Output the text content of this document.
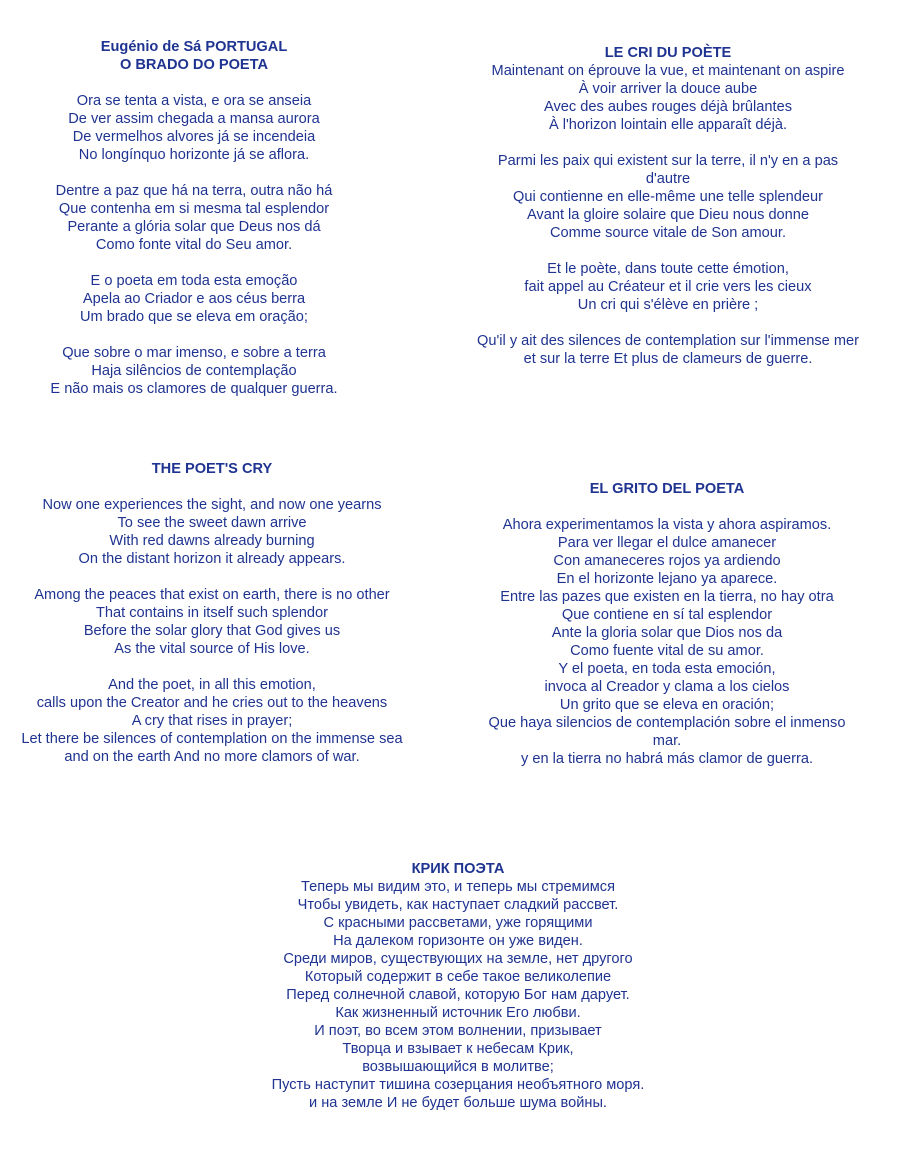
Eugénio de Sá PORTUGAL
O BRADO DO POETA
Ora se tenta a vista, e ora se anseia
De ver assim chegada a mansa aurora
De vermelhos alvores já se incendeia
No longínquo horizonte já se aflora.
Dentre a paz que há na terra, outra não há
Que contenha em si mesma tal esplendor
Perante a glória solar que Deus nos dá
Como fonte vital do Seu amor.
E o poeta em toda esta emoção
Apela ao Criador e aos céus berra
Um brado que se eleva em oração;
Que sobre o mar imenso, e sobre a terra
Haja silêncios de contemplação
E não mais os clamores de qualquer guerra.
LE CRI DU POÈTE
Maintenant on éprouve la vue, et maintenant on aspire
À voir arriver la douce aube
Avec des aubes rouges déjà brûlantes
À l'horizon lointain elle apparaît déjà.
Parmi les paix qui existent sur la terre, il n'y en a pas d'autre
Qui contienne en elle-même une telle splendeur
Avant la gloire solaire que Dieu nous donne
Comme source vitale de Son amour.
Et le poète, dans toute cette émotion,
fait appel au Créateur et il crie vers les cieux
Un cri qui s'élève en prière ;
Qu'il y ait des silences de contemplation sur l'immense mer
et sur la terre Et plus de clameurs de guerre.
THE POET'S CRY
Now one experiences the sight, and now one yearns
To see the sweet dawn arrive
With red dawns already burning
On the distant horizon it already appears.
Among the peaces that exist on earth, there is no other
That contains in itself such splendor
Before the solar glory that God gives us
As the vital source of His love.
And the poet, in all this emotion,
calls upon the Creator and he cries out to the heavens
A cry that rises in prayer;
Let there be silences of contemplation on the immense sea
and on the earth And no more clamors of war.
EL GRITO DEL POETA
Ahora experimentamos la vista y ahora aspiramos.
Para ver llegar el dulce amanecer
Con amaneceres rojos ya ardiendo
En el horizonte lejano ya aparece.
Entre las pazes que existen en la tierra, no hay otra
Que contiene en sí tal esplendor
Ante la gloria solar que Dios nos da
Como fuente vital de su amor.
Y el poeta, en toda esta emoción,
invoca al Creador y clama a los cielos
Un grito que se eleva en oración;
Que haya silencios de contemplación sobre el inmenso mar.
y en la tierra no habrá más clamor de guerra.
КРИК ПОЭТА
Теперь мы видим это, и теперь мы стремимся
Чтобы увидеть, как наступает сладкий рассвет.
С красными рассветами, уже горящими
На далеком горизонте он уже виден.
Среди миров, существующих на земле, нет другого
Который содержит в себе такое великолепие
Перед солнечной славой, которую Бог нам дарует.
Как жизненный источник Его любви.
И поэт, во всем этом волнении, призывает
Творца и взывает к небесам Крик,
возвышающийся в молитве;
Пусть наступит тишина созерцания необъятного моря.
и на земле И не будет больше шума войны.
